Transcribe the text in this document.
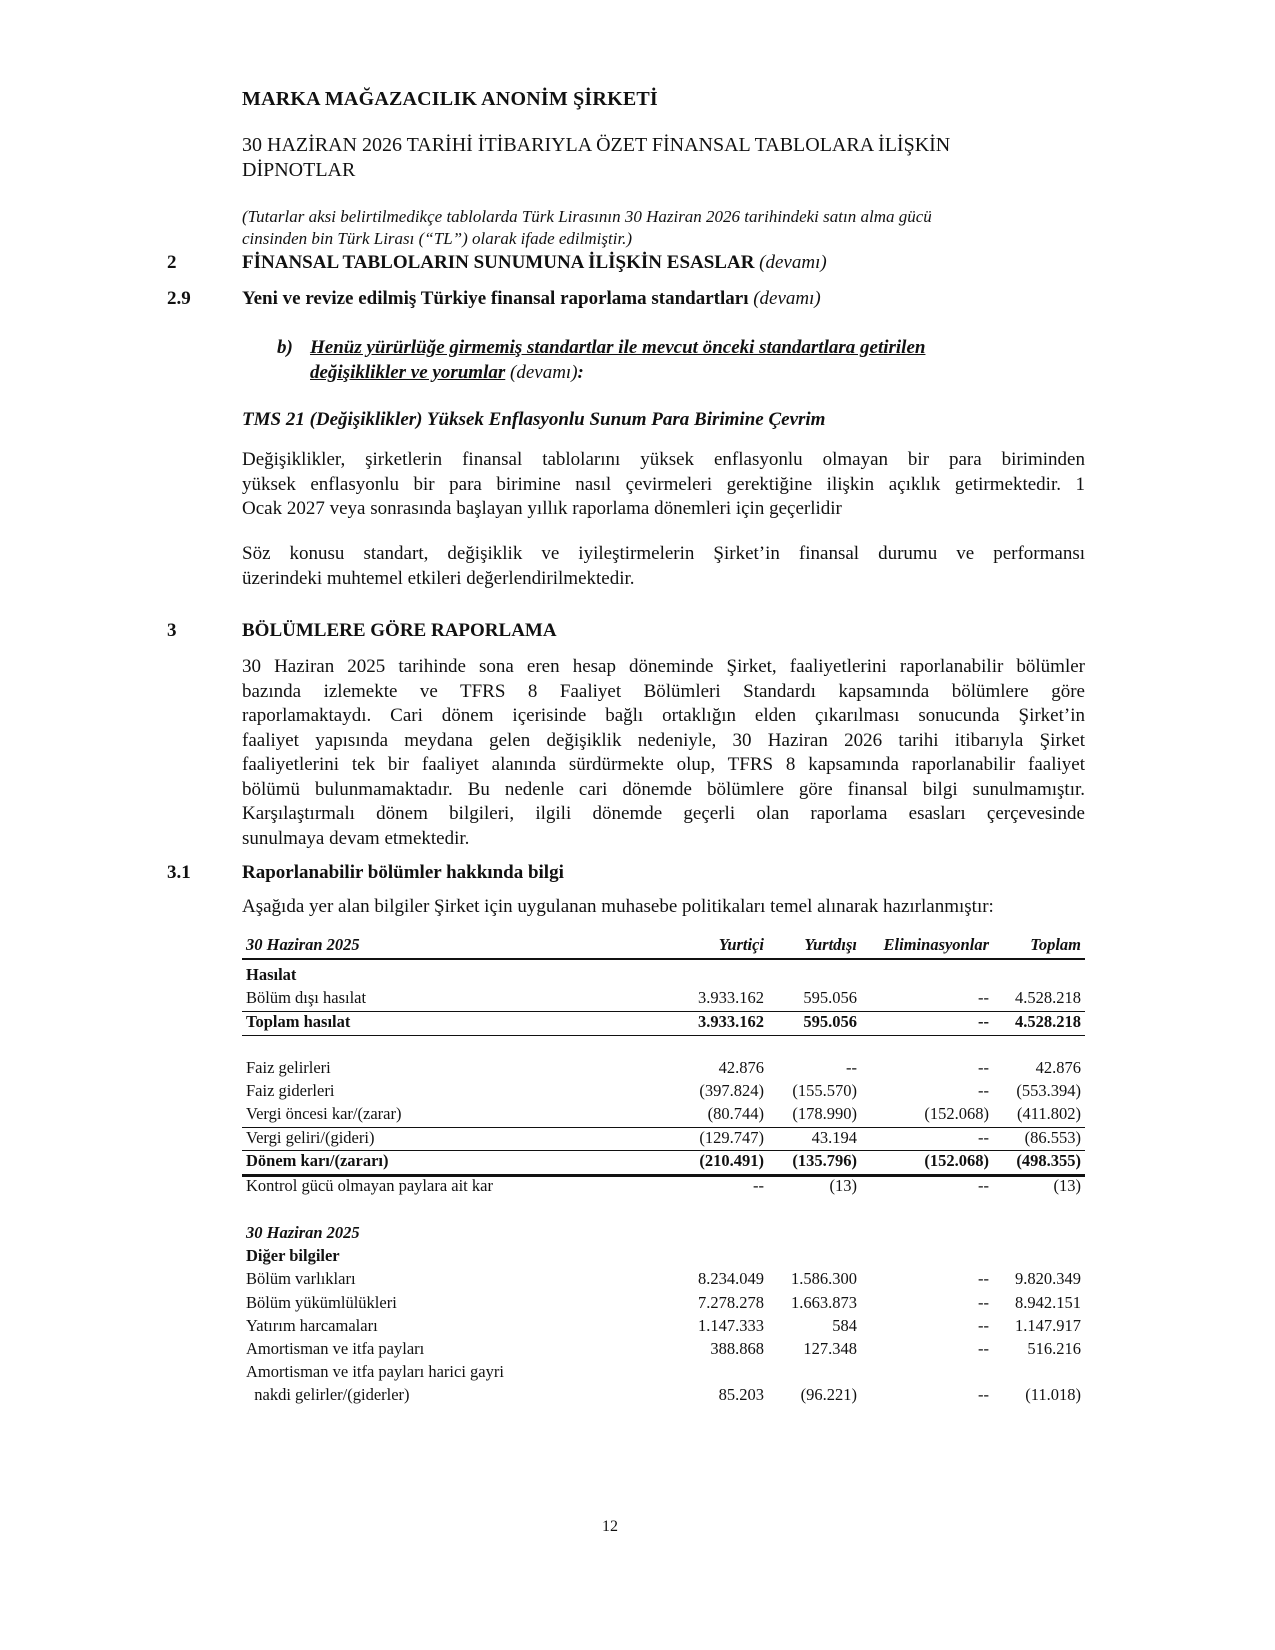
MARKA MAĞAZACILIK ANONİM ŞİRKETİ
30 HAZİRAN 2026 TARİHİ İTİBARIYLA ÖZET FİNANSAL TABLOLARA İLİŞKİN
DİPNOTLAR
(Tutarlar aksi belirtilmedikçe tablolarda Türk Lirasının 30 Haziran 2026 tarihindeki satın alma gücü
cinsinden bin Türk Lirası (“TL”) olarak ifade edilmiştir.)
2	FİNANSAL TABLOLARIN SUNUMUNA İLİŞKİN ESASLAR (devamı)
2.9	Yeni ve revize edilmiş Türkiye finansal raporlama standartları (devamı)
b) Henüz yürürlüğe girmemiş standartlar ile mevcut önceki standartlara getirilen
değişiklikler ve yorumlar (devamı):
TMS 21 (Değişiklikler) Yüksek Enflasyonlu Sunum Para Birimine Çevrim
Değişiklikler, şirketlerin finansal tablolarını yüksek enflasyonlu olmayan bir para biriminden
yüksek enflasyonlu bir para birimine nasıl çevirmeleri gerektiğine ilişkin açıklık getirmektedir. 1
Ocak 2027 veya sonrasında başlayan yıllık raporlama dönemleri için geçerlidir
Söz konusu standart, değişiklik ve iyileştirmelerin Şirket’in finansal durumu ve performansı
üzerindeki muhtemel etkileri değerlendirilmektedir.
3	BÖLÜMLERE GÖRE RAPORLAMA
30 Haziran 2025 tarihinde sona eren hesap döneminde Şirket, faaliyetlerini raporlanabilir bölümler
bazında izlemekte ve TFRS 8 Faaliyet Bölümleri Standardı kapsamında bölümlere göre
raporlamaktaydı. Cari dönem içerisinde bağlı ortaklığın elden çıkarılması sonucunda Şirket’in
faaliyet yapısında meydana gelen değişiklik nedeniyle, 30 Haziran 2026 tarihi itibarıyla Şirket
faaliyetlerini tek bir faaliyet alanında sürdürmekte olup, TFRS 8 kapsamında raporlanabilir faaliyet
bölümü bulunmamaktadır. Bu nedenle cari dönemde bölümlere göre finansal bilgi sunulmamıştır.
Karşılaştırmalı dönem bilgileri, ilgili dönemde geçerli olan raporlama esasları çerçevesinde
sunulmaya devam etmektedir.
3.1	Raporlanabilir bölümler hakkında bilgi
Aşağıda yer alan bilgiler Şirket için uygulanan muhasebe politikaları temel alınarak hazırlanmıştır:
30 Haziran 2025	Yurtiçi Yurtdışı Eliminasyonlar	Toplam
Hasılat
Bölüm dışı hasılat	3.933.162 595.056	-- 4.528.218
Toplam hasılat	3.933.162 595.056	-- 4.528.218
Faiz gelirleri	42.876	--	--	42.876
Faiz giderleri	(397.824) (155.570)	-- (553.394)
Vergi öncesi kar/(zarar)	(80.744) (178.990)	(152.068) (411.802)
Vergi geliri/(gideri)	(129.747)	43.194	-- (86.553)
Dönem karı/(zararı)	(210.491) (135.796)	(152.068) (498.355)
Kontrol gücü olmayan paylara ait kar	--	(13)	--	(13)
30 Haziran 2025
Diğer bilgiler
Bölüm varlıkları	8.234.049 1.586.300	-- 9.820.349
Bölüm yükümlülükleri	7.278.278 1.663.873	-- 8.942.151
Yatırım harcamaları	1.147.333	584	-- 1.147.917
Amortisman ve itfa payları	388.868 127.348	-- 516.216
Amortisman ve itfa payları harici gayri
nakdi gelirler/(giderler)	85.203 (96.221)	-- (11.018)
12
